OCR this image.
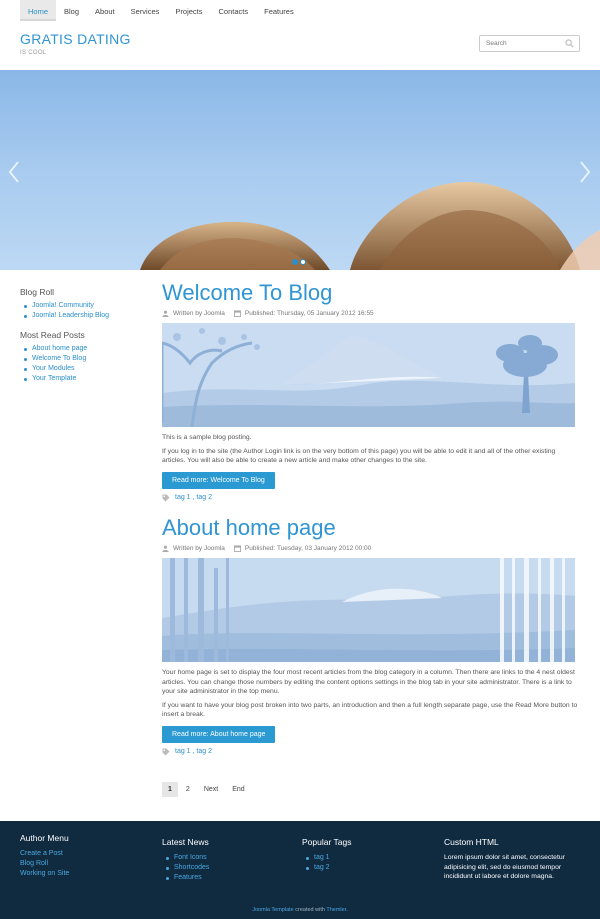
Home	Blog	About	Services	Projects	Contacts	Features
GRATIS DATING
IS COOL
Search
Blog Roll
Joomla! Community
Joomla! Leadership Blog
Most Read Posts
About home page
Welcome To Blog
Your Modules
Your Template
Welcome To Blog
Written by Joomla	Published: Thursday, 05 January 2012 16:55

This is a sample blog posting.

If you log in to the site (the Author Login link is on the very bottom of this page) you will be able to edit it and all of the other existing articles. You will also be able to create a new article and make other changes to the site.

Read more: Welcome To Blog
tag 1 , tag 2
About home page
Written by Joomla	Published: Tuesday, 03 January 2012 00:00

Your home page is set to display the four most recent articles from the blog category in a column. Then there are links to the 4 nest oldest articles. You can change those numbers by editing the content options settings in the blog tab in your site administrator. There is a link to your site administrator in the top menu.

If you want to have your blog post broken into two parts, an introduction and then a full length separate page, use the Read More button to insert a break.

Read more: About home page
tag 1 , tag 2
1	2	Next	End
Author Menu
Create a Post
Blog Roll
Working on Site
Latest News
Font Icons
Shortcodes
Features
Popular Tags
tag 1
tag 2
Custom HTML
Lorem ipsum dolor sit amet, consectetur adipisicing elit, sed do eiusmod tempor incididunt ut labore et dolore magna.
Joomla Template created with Themler.
